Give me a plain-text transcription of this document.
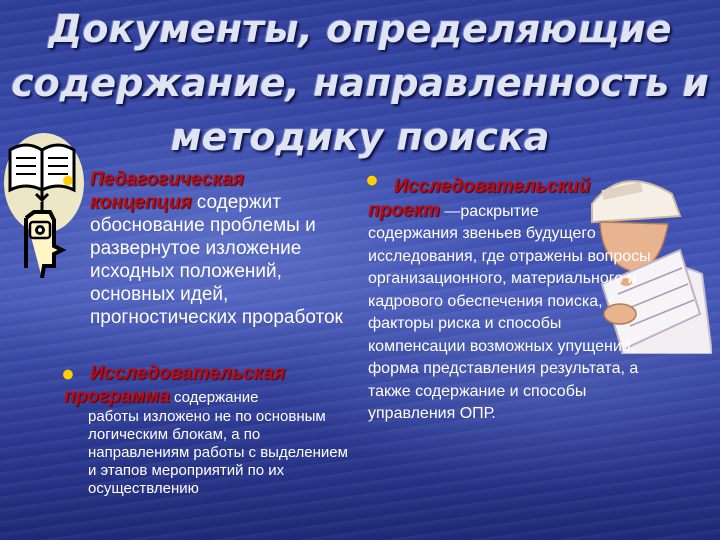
Документы, определяющие содержание, направленность и методику поиска
• Педагогическая
концепция содержит обоснование проблемы и развернутое изложение исходных положений, основных идей, прогностических проработок
• Исследовательская
программа содержание
работы изложено не по основным логическим блокам, а по направлениям работы с выделением и этапов мероприятий по их осуществлению
• Исследовательский
проект —раскрытие
содержания звеньев будущего исследования, где отражены вопросы организационного, материального и кадрового обеспечения поиска, факторы риска и способы компенсации возможных упущений, форма представления результата, а также содержание и способы управления ОПР.
